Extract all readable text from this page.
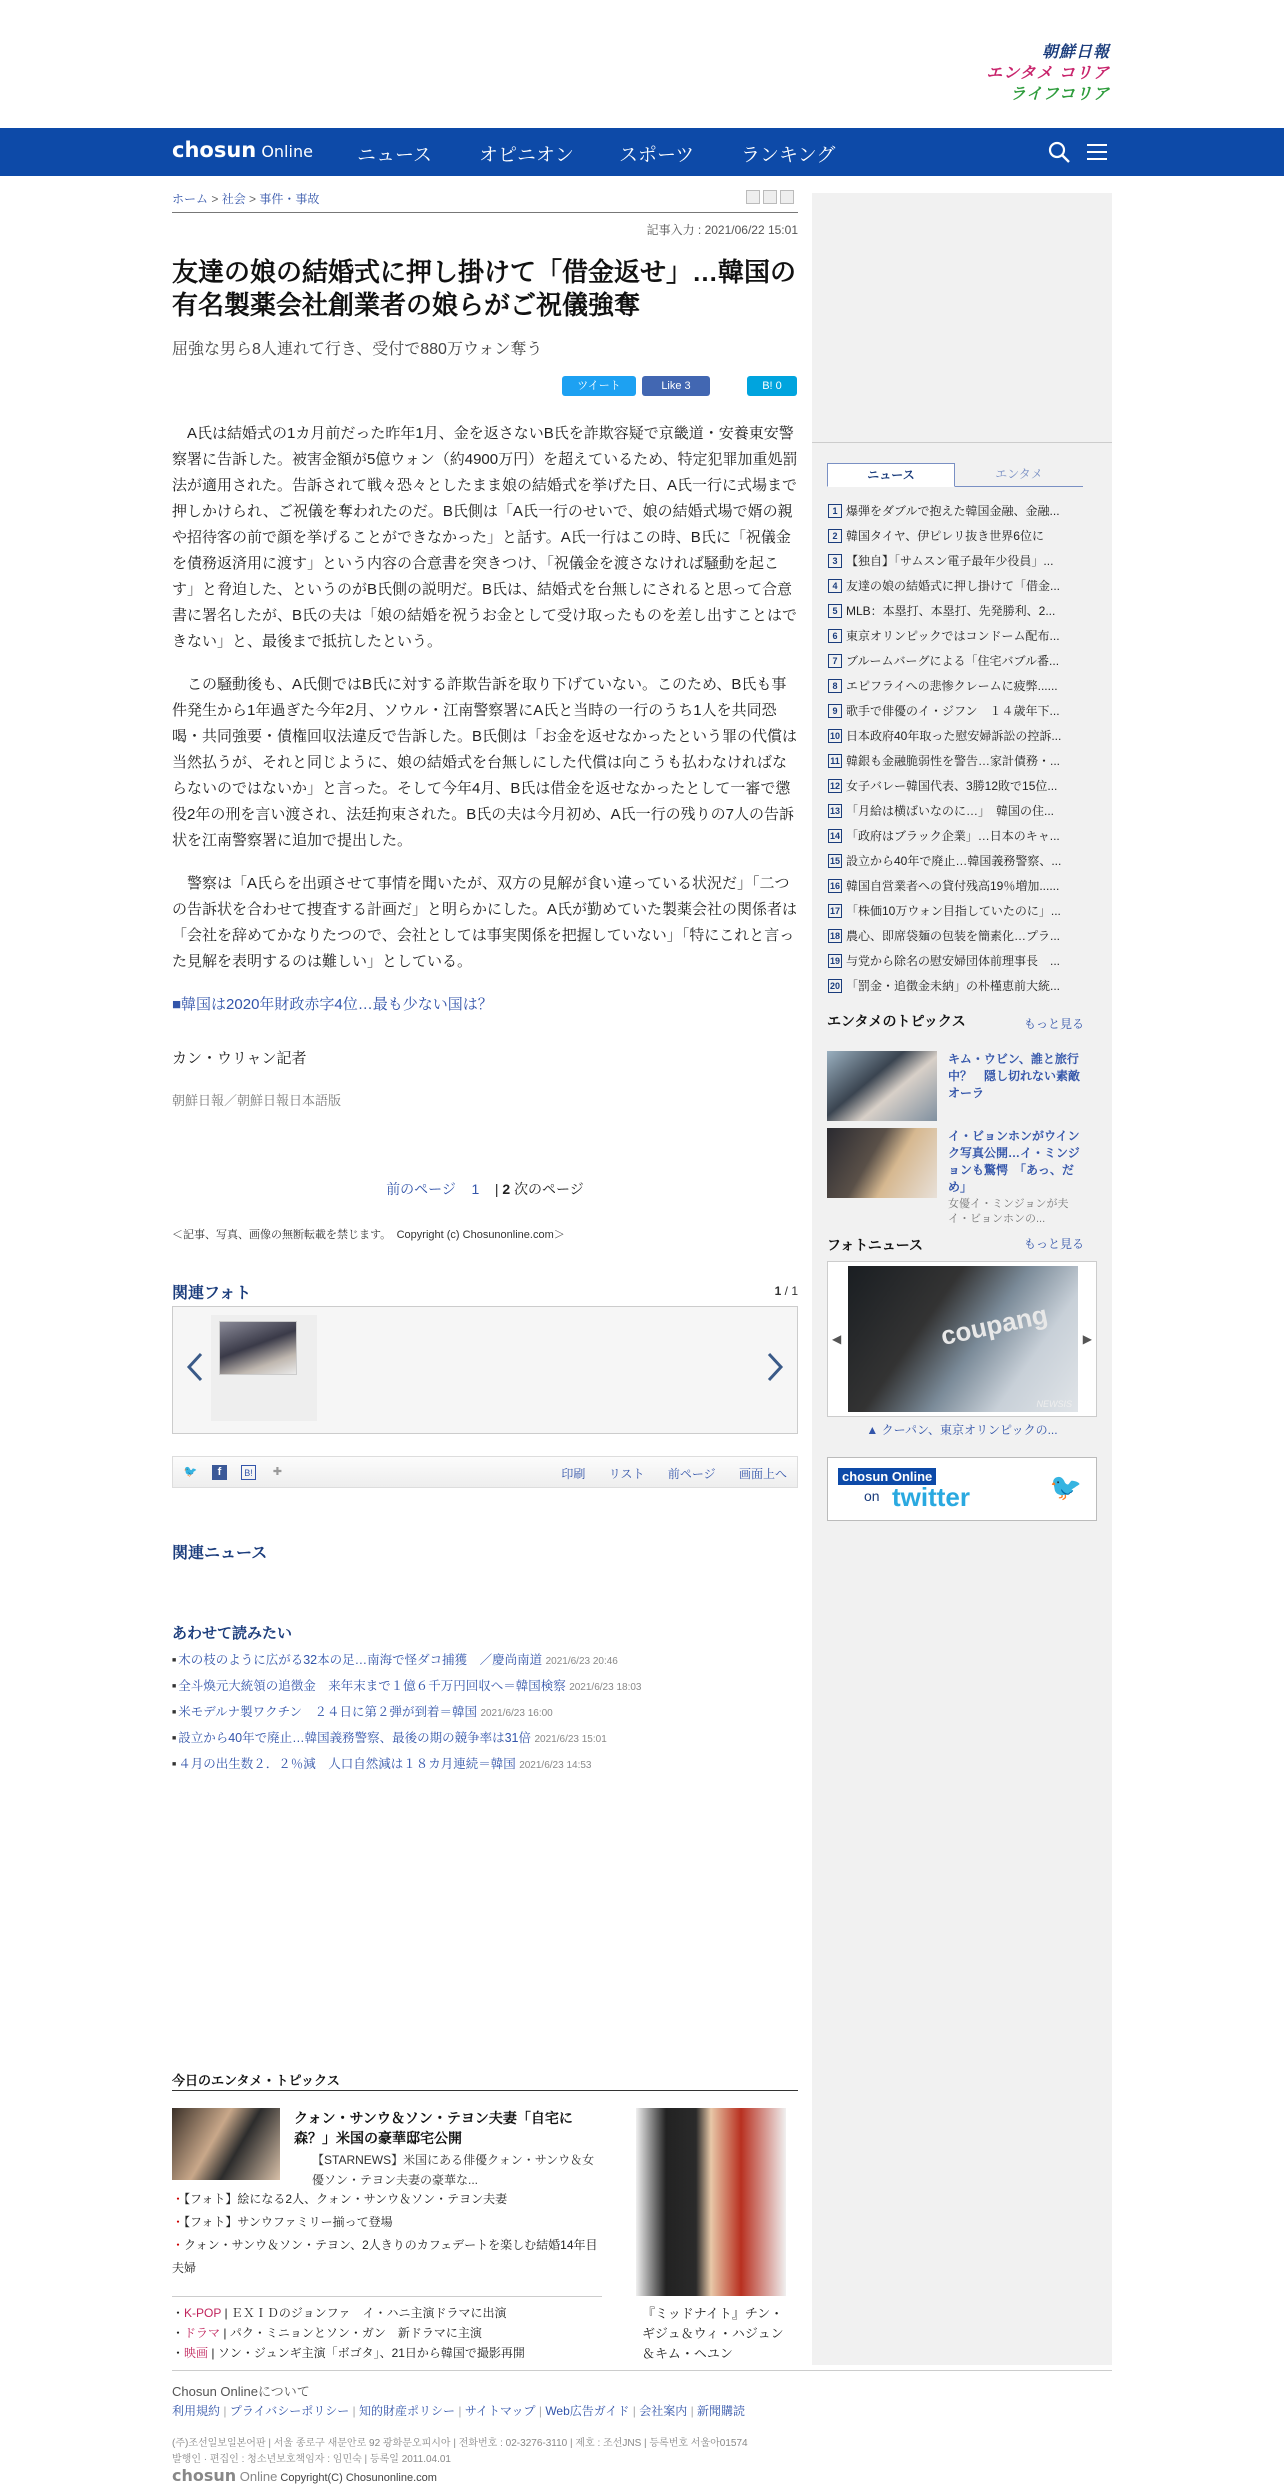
朝鮮日報
エンタメ コリア
ライフコリア
chosun Online ニュース オピニオン スポーツ ランキング
ホーム > 社会 > 事件・事故
記事入力 : 2021/06/22 15:01
友達の娘の結婚式に押し掛けて「借金返せ」…韓国の有名製薬会社創業者の娘らがご祝儀強奪
屈強な男ら8人連れて行き、受付で880万ウォン奪う
ツイート	Like 3	B! 0

A氏は結婚式の1カ月前だった昨年1月、金を返さないB氏を詐欺容疑で京畿道・安養東安警察署に告訴した。被害金額が5億ウォン（約4900万円）を超えているため、特定犯罪加重処罰法が適用された。告訴されて戦々恐々としたまま娘の結婚式を挙げた日、A氏一行に式場まで押しかけられ、ご祝儀を奪われたのだ。B氏側は「A氏一行のせいで、娘の結婚式場で婿の親や招待客の前で顔を挙げることができなかった」と話す。A氏一行はこの時、B氏に「祝儀金を債務返済用に渡す」という内容の合意書を突きつけ、「祝儀金を渡さなければ騒動を起こす」と脅迫した、というのがB氏側の説明だ。B氏は、結婚式を台無しにされると思って合意書に署名したが、B氏の夫は「娘の結婚を祝うお金として受け取ったものを差し出すことはできない」と、最後まで抵抗したという。

この騒動後も、A氏側ではB氏に対する詐欺告訴を取り下げていない。このため、B氏も事件発生から1年過ぎた今年2月、ソウル・江南警察署にA氏と当時の一行のうち1人を共同恐喝・共同強要・債権回収法違反で告訴した。B氏側は「お金を返せなかったという罪の代償は当然払うが、それと同じように、娘の結婚式を台無しにした代償は向こうも払わなければならないのではないか」と言った。そして今年4月、B氏は借金を返せなかったとして一審で懲役2年の刑を言い渡され、法廷拘束された。B氏の夫は今月初め、A氏一行の残りの7人の告訴状を江南警察署に追加で提出した。

警察は「A氏らを出頭させて事情を聞いたが、双方の見解が食い違っている状況だ」「二つの告訴状を合わせて捜査する計画だ」と明らかにした。A氏が勤めていた製薬会社の関係者は「会社を辞めてかなりたつので、会社としては事実関係を把握していない」「特にこれと言った見解を表明するのは難しい」としている。

■韓国は2020年財政赤字4位…最も少ない国は？
カン・ウリャン記者
朝鮮日報／朝鮮日報日本語版
前のページ 1 | 2 次のページ
＜記事、写真、画像の無断転載を禁じます。　Copyright (c) Chosunonline.com＞
関連フォト	1 / 1
🐦	f	B! ✚	印刷 リスト 前ページ 画面上へ
関連ニュース
あわせて読みたい
■ 木の枝のように広がる32本の足…南海で怪ダコ捕獲　／慶尚南道 2021/6/23 20:46
■ 全斗煥元大統領の追徴金　来年末まで１億６千万円回収へ＝韓国検察 2021/6/23 18:03
■ 米モデルナ製ワクチン　２４日に第２弾が到着＝韓国 2021/6/23 16:00
■ 設立から40年で廃止…韓国義務警察、最後の期の競争率は31倍 2021/6/23 15:01
■ ４月の出生数２．２％減　人口自然減は１８カ月連続＝韓国 2021/6/23 14:53
今日のエンタメ・トピックス
クォン・サンウ＆ソン・テヨン夫妻「自宅に森？」米国の豪華邸宅公開
【STARNEWS】米国にある俳優クォン・サンウ＆女優ソン・テヨン夫妻の豪華な...
・ 【フォト】絵になる2人、クォン・サンウ＆ソン・テヨン夫妻
・ 【フォト】サンウファミリー揃って登場
・ クォン・サンウ＆ソン・テヨン、2人きりのカフェデートを楽しむ結婚14年目夫婦
・K-POP | ＥＸＩＤのジョンファ　イ・ハニ主演ドラマに出演
・ドラマ | パク・ミニョンとソン・ガン　新ドラマに主演
・映画 | ソン・ジュンギ主演「ボゴタ」、21日から韓国で撮影再開
『ミッドナイト』チン・ギジュ＆ウィ・ハジュン＆キム・ヘユン
ニュース	エンタメ
1 爆弾をダブルで抱えた韓国金融、金融...
2 韓国タイヤ、伊ピレリ抜き世界6位に
3 【独自】「サムスン電子最年少役員」...
4 友達の娘の結婚式に押し掛けて「借金...
5 MLB：本塁打、本塁打、先発勝利、2...
6 東京オリンピックではコンドーム配布...
7 ブルームバーグによる「住宅バブル番...
8 エピフライへの悲惨クレームに疲弊......
9 歌手で俳優のイ・ジフン　１４歳年下...
10 日本政府40年取った慰安婦訴訟の控訴...
11 韓銀も金融脆弱性を警告…家計債務・...
12 女子バレー韓国代表、3勝12敗で15位...
13 「月給は横ばいなのに…」　韓国の住...
14 「政府はブラック企業」…日本のキャ...
15 設立から40年で廃止…韓国義務警察、...
16 韓国自営業者への貸付残高19％増加......
17 「株価10万ウォン目指していたのに」...
18 農心、即席袋麺の包装を簡素化…プラ...
19 与党から除名の慰安婦団体前理事長　...
20 「罰金・追徴金未納」の朴槿恵前大統...
エンタメのトピックス	もっと見る
キム・ウビン、誰と旅行中？　隠し切れない素敵オーラ
イ・ビョンホンがウインク写真公開…イ・ミンジョンも驚愕　「あっ、だめ」
女優イ・ミンジョンが夫イ・ビョンホンの...
フォトニュース	もっと見る
◀	coupang
NEWSIS
▶
▲ クーパン、東京オリンピックの...
chosun Online
on twitter	🐦
Chosun Onlineについて
利用規約 | プライバシーポリシー | 知的財産ポリシー | サイトマップ | Web広告ガイド | 会社案内 | 新聞購読
(주)조선일보일본어판 | 서울 종로구 새문안로 92 광화문오피시아 | 전화번호 : 02-3276-3110 | 제호 : 조선JNS | 등록번호 서울아01574
발행인 · 편집인 : 청소년보호책임자 : 임민숙 | 등록일 2011.04.01
chosun Online Copyright(C) Chosunonline.com
